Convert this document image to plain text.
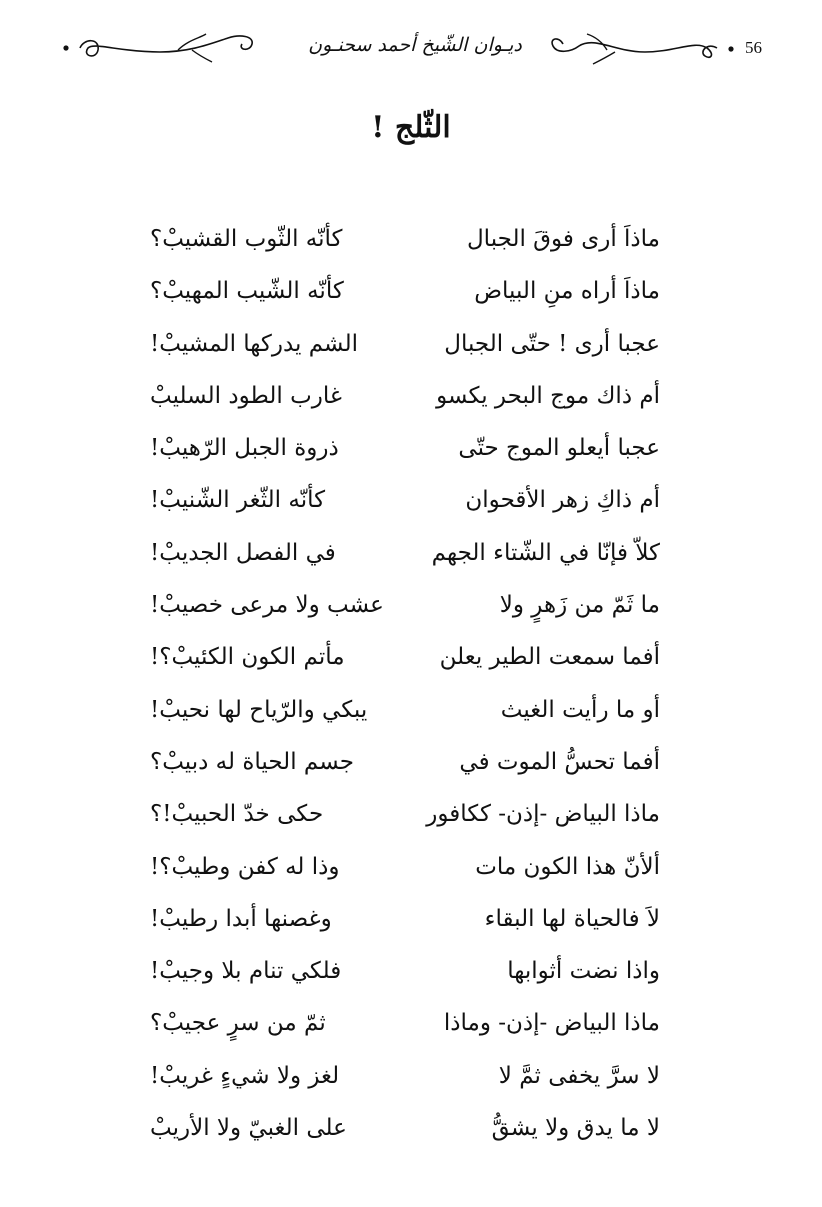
ديـوان الشّيخ أحمد سحنـون	56
الثّلج !
ماذاَ أرى فوقَ الجبال
كأنّه الثّوب القشيبْ؟
ماذاَ أراه منِ البياض
كأنّه الشّيب المهيبْ؟
عجبا أرى ! حتّى الجبال
الشم يدركها المشيبْ!
أم ذاك موج البحر يكسو
غارب الطود السليبْ
عجبا أيعلو الموج حتّى
ذروة الجبل الرّهيبْ!
أم ذاكِ زهر الأقحوان
كأنّه الثّغر الشّنيبْ!
كلاّ فإنّا في الشّتاء الجهم
في الفصل الجديبْ!
ما ثَمّ من زَهرٍ ولا
عشب ولا مرعى خصيبْ!
أفما سمعت الطير يعلن
مأتم الكون الكئيبْ؟!
أو ما رأيت الغيث
يبكي والرّياح لها نحيبْ!
أفما تحسُّ الموت في
جسم الحياة له دبيبْ؟
ماذا البياض -إذن- ككافور
حكى خدّ الحبيبْ!؟
ألأنّ هذا الكون مات
وذا له كفن وطيبْ؟!
لاَ فالحياة لها البقاء
وغصنها أبدا رطيبْ!
واذا نضت أثوابها
فلكي تنام بلا وجيبْ!
ماذا البياض -إذن- وماذا
ثمّ من سرٍ عجيبْ؟
لا سرَّ يخفى ثمَّ لا
لغز ولا شيءٍ غريبْ!
لا ما يدق ولا يشقُّ
على الغبيّ ولا الأريبْ
